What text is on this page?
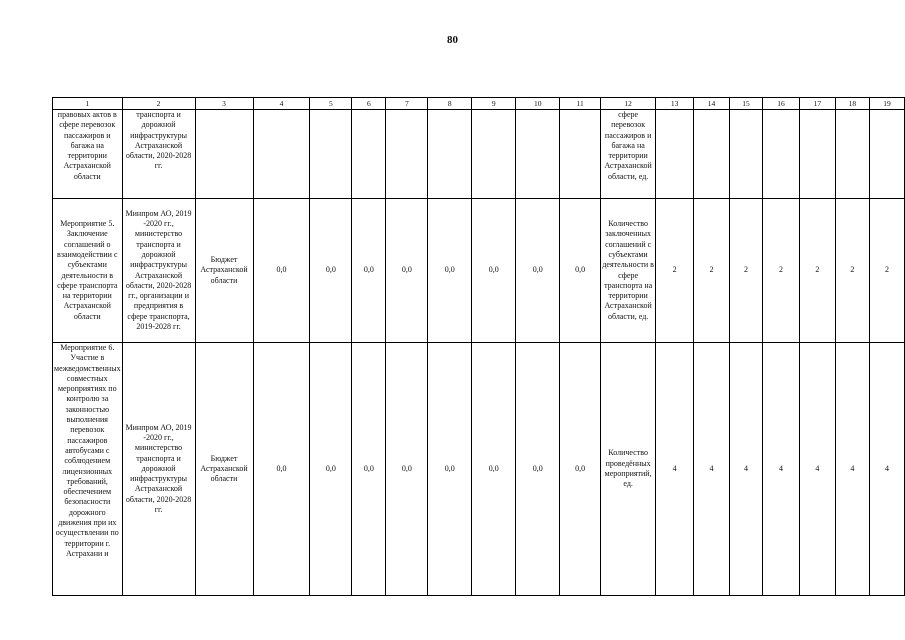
80
1	2	3	4	5	6	7	8	9	10	11	12	13	14	15	16	17	18	19
правовых актов в сфере перевозок пассажиров и багажа на территории Астраханской области	транспорта и дорожной инфраструктуры Астраханской области, 2020-2028 гг.										сфере перевозок пассажиров и багажа на территории Астраханской области, ед.							
Мероприятие 5. Заключение соглашений о взаимодействии с субъектами деятельности в сфере транспорта на территории Астраханской области	Минпром АО, 2019 -2020 гг., министерство транспорта и дорожной инфраструктуры Астраханской области, 2020-2028 гг., организации и предприятия в сфере транспорта, 2019-2028 гг.	Бюджет Астраханской области	0,0	0,0	0,0	0,0	0,0	0,0	0,0	0,0	Количество заключенных соглашений с субъектами деятельности в сфере транспорта на территории Астраханской области, ед.	2	2	2	2	2	2	2
Мероприятие 6. Участие в межведомственных совместных мероприятиях по контролю за законностью выполнения перевозок пассажиров автобусами с соблюдением лицензионных требований, обеспечением безопасности дорожного движения при их осуществлении по территории г. Астрахани и	Минпром АО, 2019 -2020 гг., министерство транспорта и дорожной инфраструктуры Астраханской области, 2020-2028 гг.	Бюджет Астраханской области	0,0	0,0	0,0	0,0	0,0	0,0	0,0	0,0	Количество проведённых мероприятий, ед.	4	4	4	4	4	4	4
